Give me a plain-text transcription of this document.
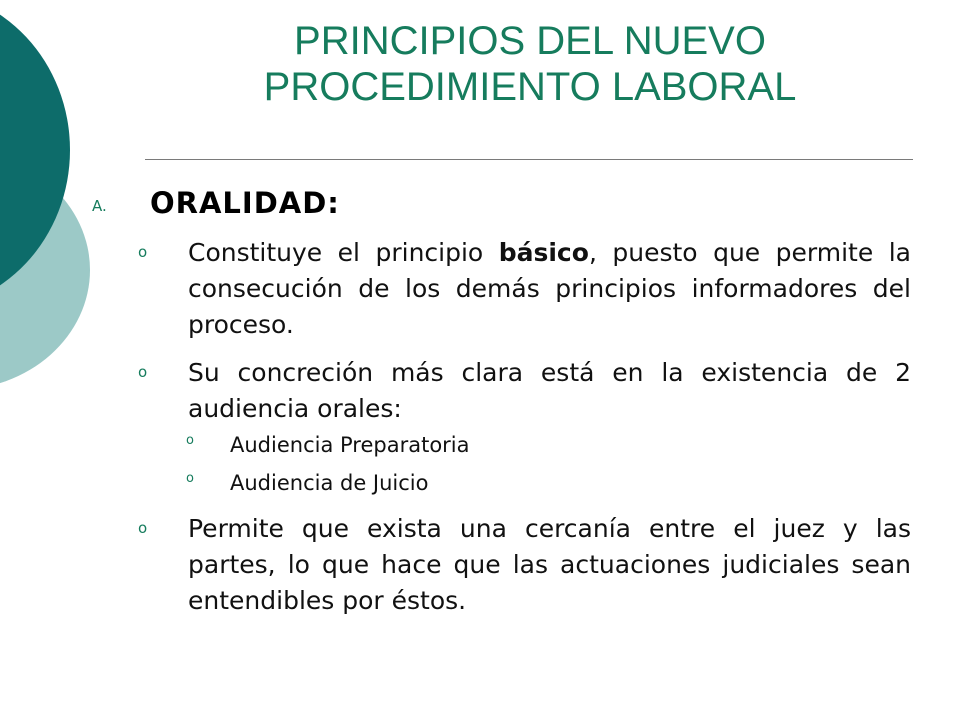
PRINCIPIOS DEL NUEVO
PROCEDIMIENTO LABORAL
A. ORALIDAD:
o Constituye el principio básico, puesto que permite la consecución de los demás principios informadores del proceso.
o Su concreción más clara está en la existencia de 2 audiencia orales:
o Audiencia Preparatoria
o Audiencia de Juicio
o Permite que exista una cercanía entre el juez y las partes, lo que hace que las actuaciones judiciales sean entendibles por éstos.
